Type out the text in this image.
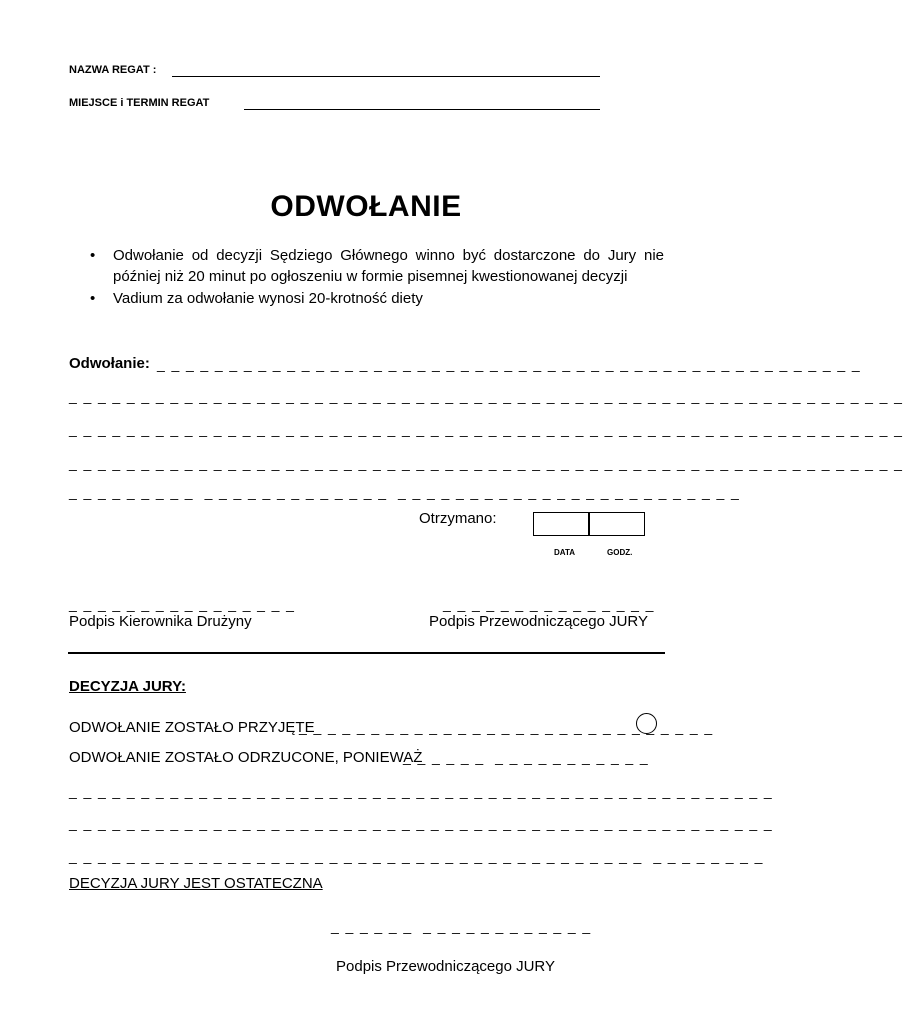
NAZWA REGAT :
MIEJSCE i TERMIN REGAT
ODWOŁANIE
• Odwołanie od decyzji Sędziego Głównego winno być dostarczone do Jury nie później niż 20 minut po ogłoszeniu w formie pisemnej kwestionowanej decyzji
• Vadium za odwołanie wynosi 20-krotność diety
Odwołanie: _ _ _ _ _ _ _ _ _ _ _ _ _ _ _ _ _ _ _ _ _ _ _ _ _ _ _ _ _ _ _ _ _ _ _ _ _ _ _ _ _ _ _ _ _ _ _ _ _
_ _ _ _ _ _ _ _ _ _ _ _ _ _ _ _ _ _ _ _ _ _ _ _ _ _ _ _ _ _ _ _ _ _ _ _ _ _ _ _ _ _ _ _ _ _ _ _ _ _ _ _ _ _ _ _ _ _
_ _ _ _ _ _ _ _ _ _ _ _ _ _ _ _ _ _ _ _ _ _ _ _ _ _ _ _ _ _ _ _ _ _ _ _ _ _ _ _ _ _ _ _ _ _ _ _ _ _ _ _ _ _ _ _ _ _
_ _ _ _ _ _ _ _ _ _ _ _ _ _ _ _ _ _ _ _ _ _ _ _ _ _ _ _ _ _ _ _ _ _ _ _ _ _ _ _ _ _ _ _ _ _ _ _ _ _ _ _ _ _ _ _ _ _
_ _ _ _ _ _ _ _ _  _ _ _ _ _ _ _ _ _ _ _ _ _  _ _ _ _ _ _ _ _ _ _ _ _ _ _ _ _ _ _ _ _ _ _ _ _
Otrzymano:
DATA	GODZ.
_ _ _ _ _ _ _ _ _ _ _ _ _ _ _ _
Podpis Kierownika Drużyny
_ _ _ _ _ _ _ _ _ _ _ _ _ _ _
Podpis Przewodniczącego JURY
DECYZJA JURY:
ODWOŁANIE ZOSTAŁO PRZYJĘTE
_ _ _ _ _ _ _ _ _ _ _ _ _ _ _ _ _ _ _ _ _ _ _ _ _ _ _ _ _
ODWOŁANIE ZOSTAŁO ODRZUCONE, PONIEWAŻ
_ _ _ _ _ _  _ _ _ _ _ _ _ _ _ _ _
_ _ _ _ _ _ _ _ _ _ _ _ _ _ _ _ _ _ _ _ _ _ _ _ _ _ _ _ _ _ _ _ _ _ _ _ _ _ _ _ _ _ _ _ _ _ _ _ _
_ _ _ _ _ _ _ _ _ _ _ _ _ _ _ _ _ _ _ _ _ _ _ _ _ _ _ _ _ _ _ _ _ _ _ _ _ _ _ _ _ _ _ _ _ _ _ _ _
_ _ _ _ _ _ _ _ _ _ _ _ _ _ _ _ _ _ _ _ _ _ _ _ _ _ _ _ _ _ _ _ _ _ _ _ _ _ _ _  _ _ _ _ _ _ _ _
DECYZJA JURY JEST OSTATECZNA
_ _ _ _ _ _  _ _ _ _ _ _ _ _ _ _ _ _
Podpis Przewodniczącego JURY
